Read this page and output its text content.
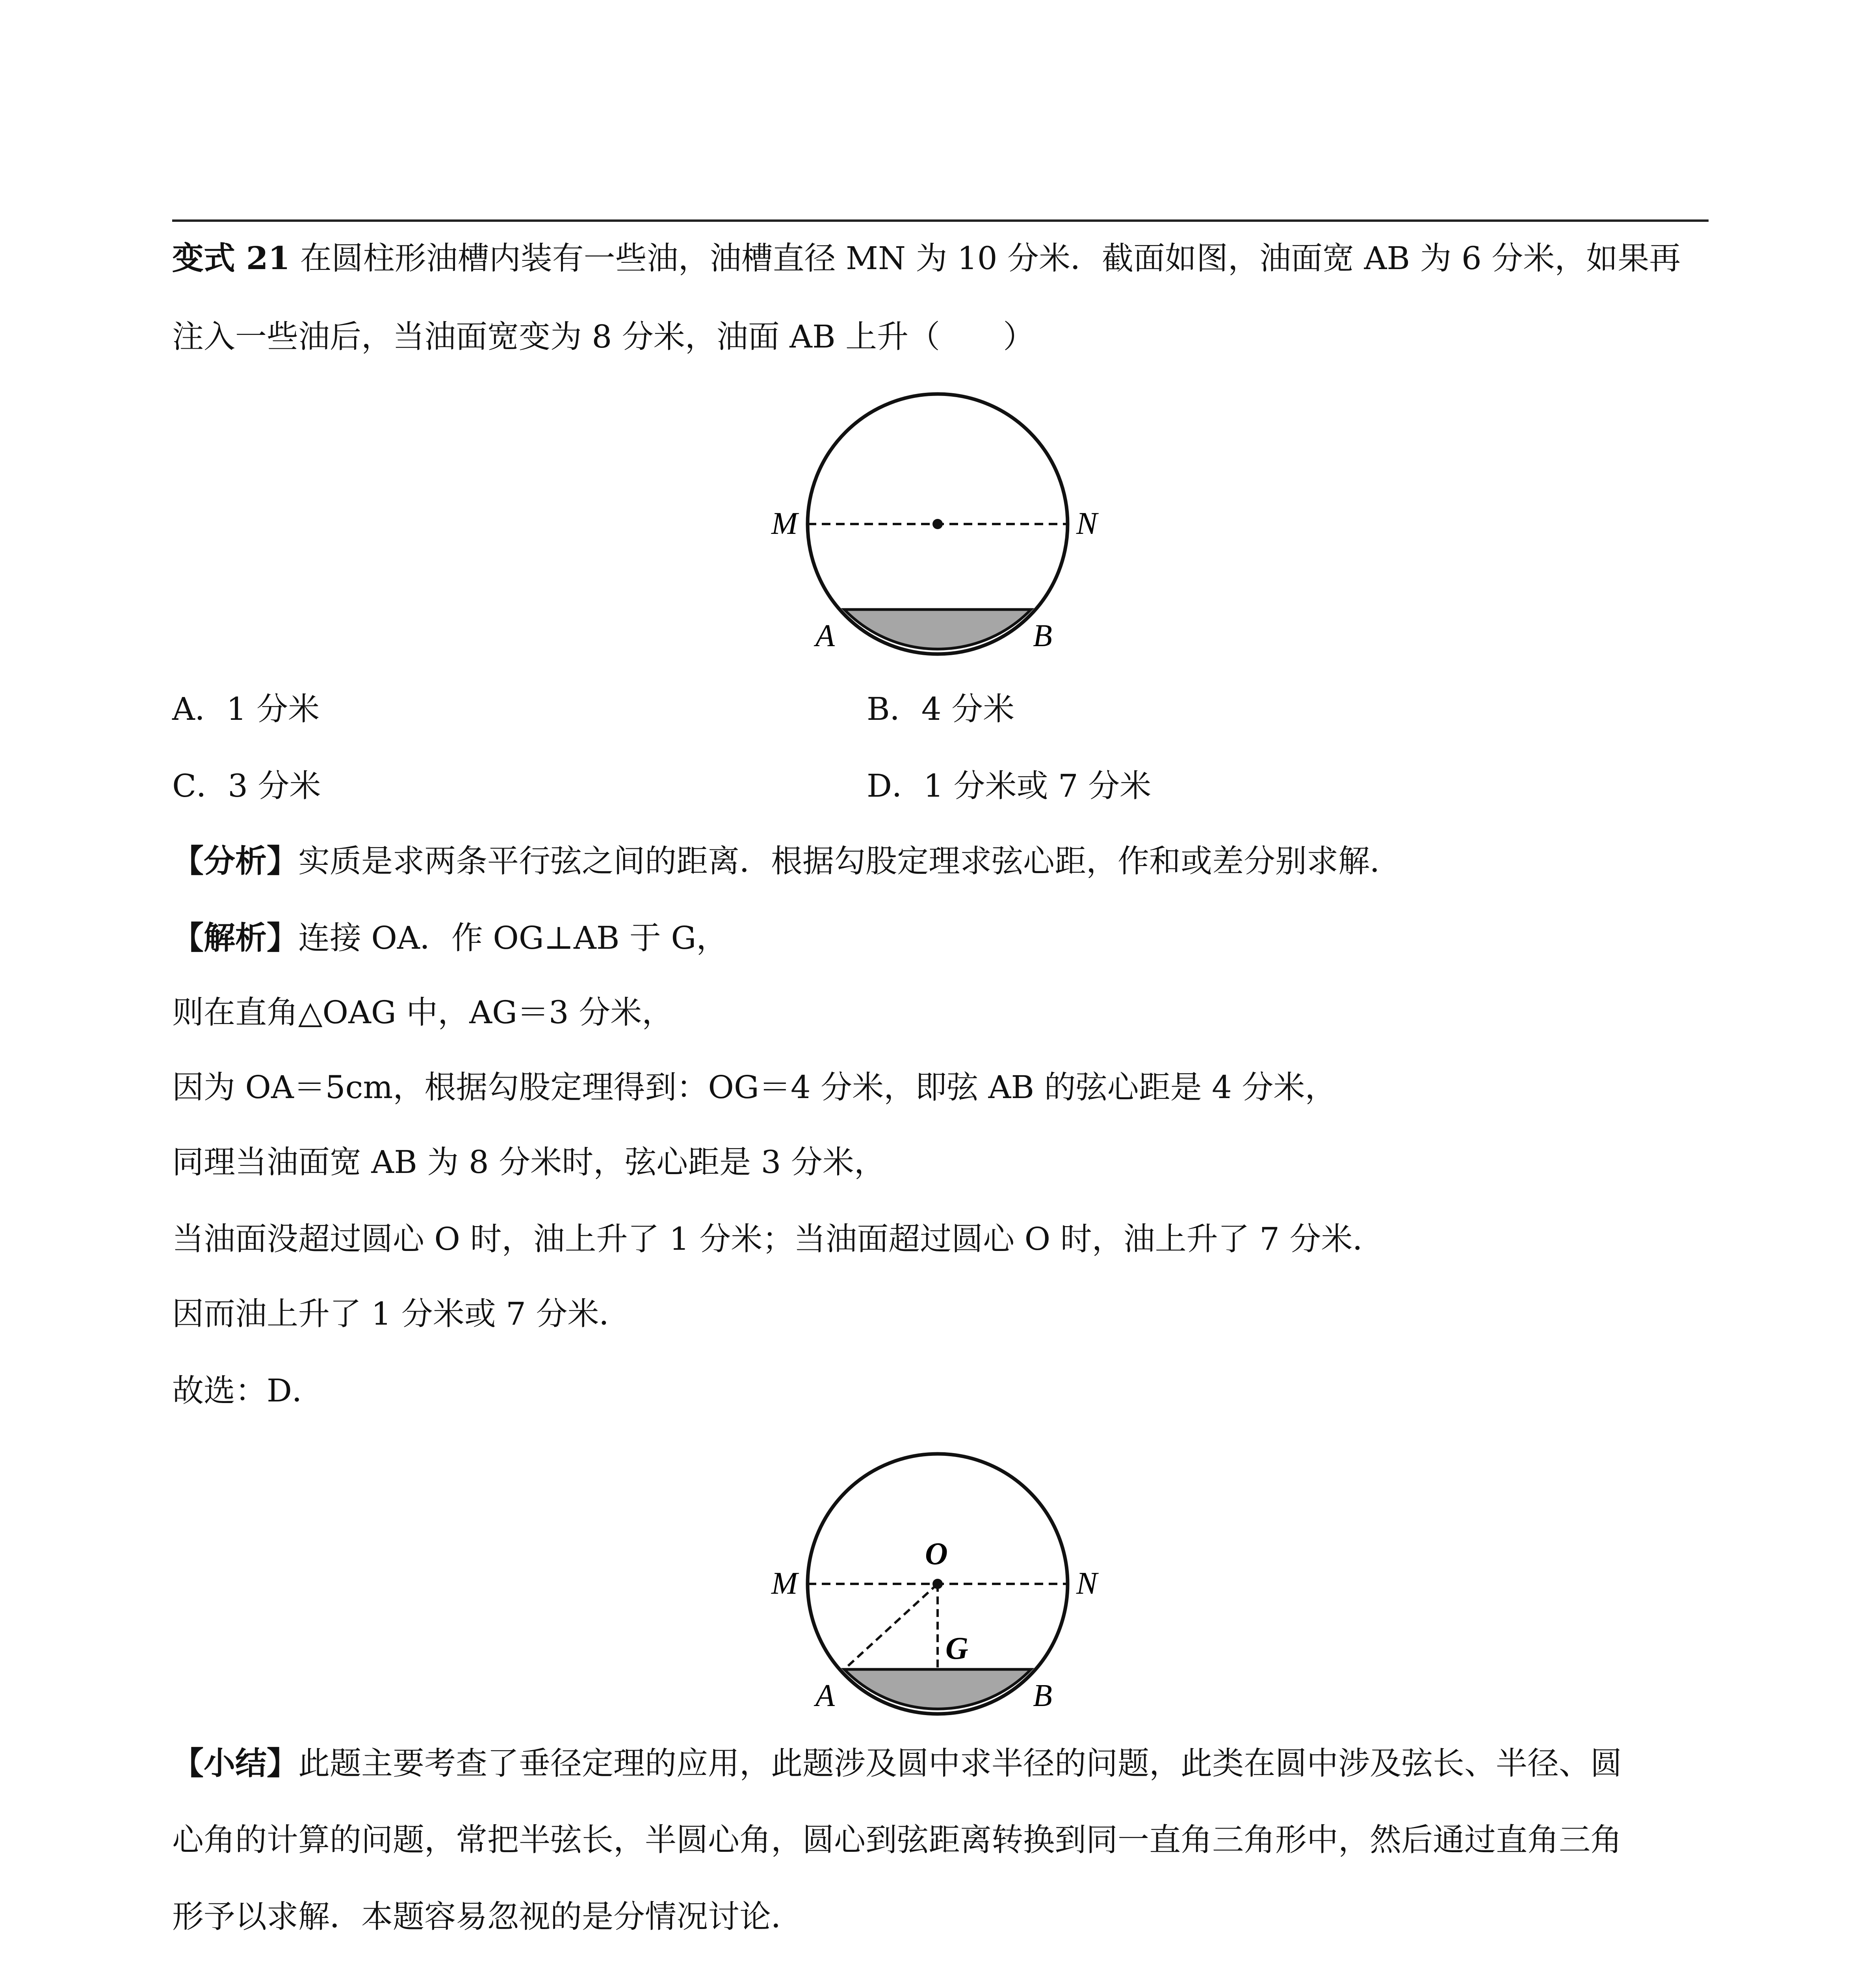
变式 21 在圆柱形油槽内装有一些油，油槽直径 MN 为 10 分米．截面如图，油面宽 AB 为 6 分米，如果再
注入一些油后，当油面宽变为 8 分米，油面 AB 上升（　　）
M	N
A	B
A．1 分米	B．4 分米
C．3 分米	D．1 分米或 7 分米
【分析】实质是求两条平行弦之间的距离．根据勾股定理求弦心距，作和或差分别求解．
【解析】连接 OA．作 OG⊥AB 于 G，
则在直角△OAG 中，AG＝3 分米，
因为 OA＝5cm，根据勾股定理得到：OG＝4 分米，即弦 AB 的弦心距是 4 分米，
同理当油面宽 AB 为 8 分米时，弦心距是 3 分米，
当油面没超过圆心 O 时，油上升了 1 分米；当油面超过圆心 O 时，油上升了 7 分米．
因而油上升了 1 分米或 7 分米．
故选：D．
O
M	N
G
A	B
【小结】此题主要考查了垂径定理的应用，此题涉及圆中求半径的问题，此类在圆中涉及弦长、半径、圆
心角的计算的问题，常把半弦长，半圆心角，圆心到弦距离转换到同一直角三角形中，然后通过直角三角
形予以求解．本题容易忽视的是分情况讨论．
